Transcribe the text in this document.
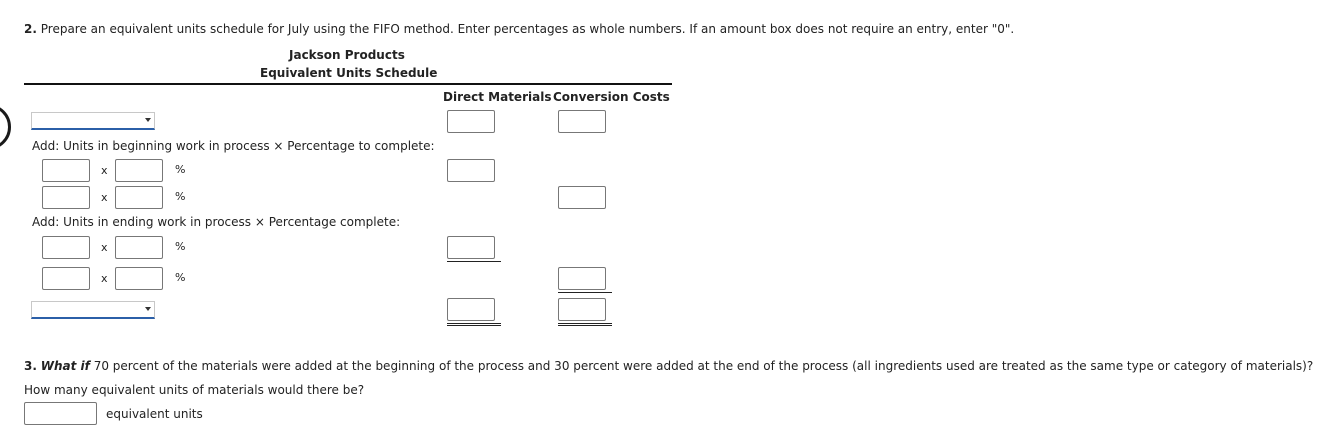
2. Prepare an equivalent units schedule for July using the FIFO method. Enter percentages as whole numbers. If an amount box does not require an entry, enter "0".
Jackson Products
Equivalent Units Schedule
Direct Materials Conversion Costs
Add: Units in beginning work in process × Percentage to complete:
x	%
x	%
Add: Units in ending work in process × Percentage complete:
x	%
x	%
3. What if 70 percent of the materials were added at the beginning of the process and 30 percent were added at the end of the process (all ingredients used are treated as the same type or category of materials)?
How many equivalent units of materials would there be?
equivalent units
